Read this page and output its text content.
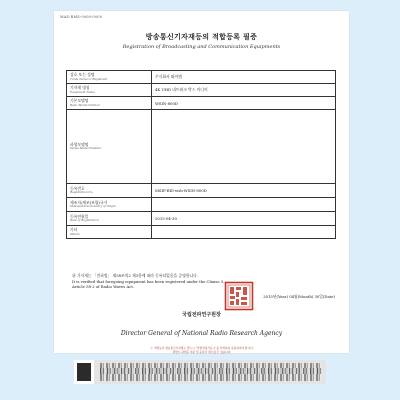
MAS-RMS-0000-0000
방송통신기자재등의 적합등록 필증
Registration of Broadcasting and Communication Equipments
상호 또는 성명
Trade Name or Registrant	주식회사 와이엠

기자재 명칭
Equipment Name	4K UHD 네트워크 박스 미디어

기본모델명
Basic Model Number	WSIN-800D

파생모델명
Series Model Number	

등록번호
Registration No.	MSIP-REI-wsh-WSIN-800D

제조자/제조(조립)국가
Manufacturer/Country of Origin	

등록연월일
Date of Registration	2015-04-30

기타
Others	

위 기자재는 「전파법」 제58조의2 제3항에 따라 등록되었음을 증명합니다.
It is verified that foregoing equipment has been registered under the Clause 3,
Article 58-2 of Radio Waves Act.
2015년(Year) 04월(Month) 30일(Date)
국립전파연구원장
Director General of National Radio Research Agency
※ 적합등록 방송통신기자재는 반드시 “적합성평가표시”를 부착하여 유통하여야 합니다.
위반시 과태료 처분 및 등록이 취소될 수 있습니다.
